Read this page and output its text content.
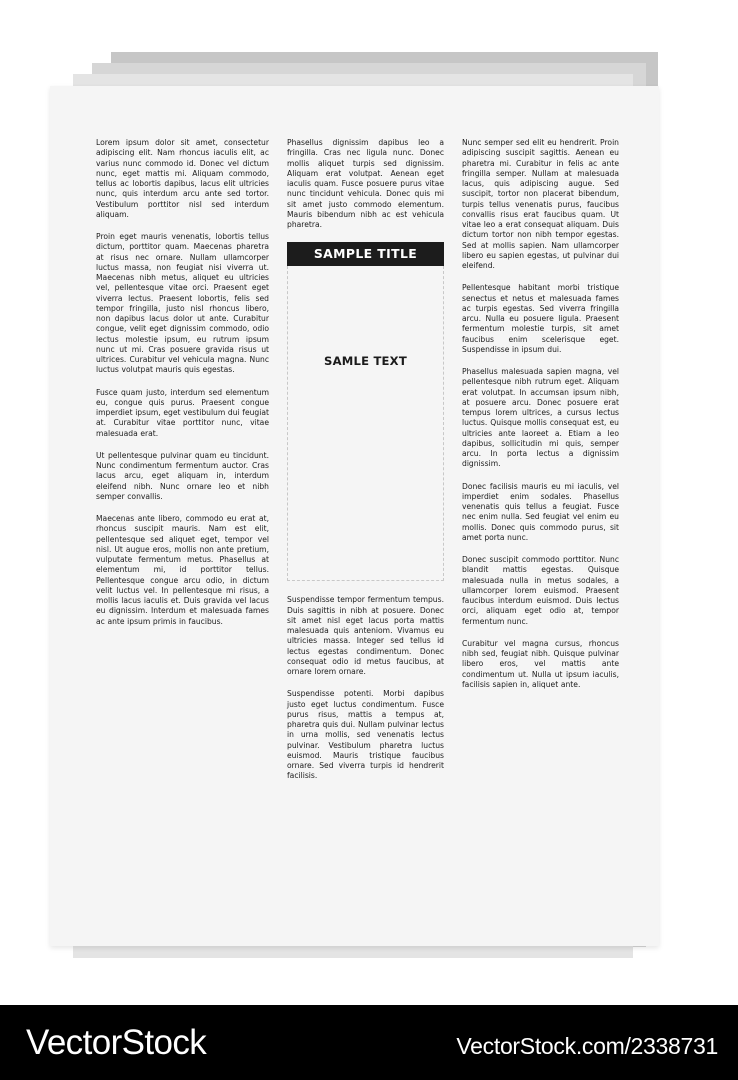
Lorem ipsum dolor sit amet, consectetur adipiscing elit. Nam rhoncus iaculis elit, ac varius nunc commodo id. Donec vel dictum nunc, eget mattis mi. Aliquam commodo, tellus ac lobortis dapibus, lacus elit ultricies nunc, quis interdum arcu ante sed tortor. Vestibulum porttitor nisl sed interdum aliquam.

Proin eget mauris venenatis, lobortis tellus dictum, porttitor quam. Maecenas pharetra at risus nec ornare. Nullam ullamcorper luctus massa, non feugiat nisi viverra ut. Maecenas nibh metus, aliquet eu ultricies vel, pellentesque vitae orci. Praesent eget viverra lectus. Praesent lobortis, felis sed tempor fringilla, justo nisl rhoncus libero, non dapibus lacus dolor ut ante. Curabitur congue, velit eget dignissim commodo, odio lectus molestie ipsum, eu rutrum ipsum nunc ut mi. Cras posuere gravida risus ut ultrices. Curabitur vel vehicula magna. Nunc luctus volutpat mauris quis egestas.

Fusce quam justo, interdum sed elementum eu, congue quis purus. Praesent congue imperdiet ipsum, eget vestibulum dui feugiat at. Curabitur vitae porttitor nunc, vitae malesuada erat.

Ut pellentesque pulvinar quam eu tincidunt. Nunc condimentum fermentum auctor. Cras lacus arcu, eget aliquam in, interdum eleifend nibh. Nunc ornare leo et nibh semper convallis.

Maecenas ante libero, commodo eu erat at, rhoncus suscipit mauris. Nam est elit, pellentesque sed aliquet eget, tempor vel nisl. Ut augue eros, mollis non ante pretium, vulputate fermentum metus. Phasellus at elementum mi, id porttitor tellus. Pellentesque congue arcu odio, in dictum velit luctus vel. In pellentesque mi risus, a mollis lacus iaculis et. Duis gravida vel lacus eu dignissim. Interdum et malesuada fames ac ante ipsum primis in faucibus.

Phasellus dignissim dapibus leo a fringilla. Cras nec ligula nunc. Donec mollis aliquet turpis sed dignissim. Aliquam erat volutpat. Aenean eget iaculis quam. Fusce posuere purus vitae nunc tincidunt vehicula. Donec quis mi sit amet justo commodo elementum. Mauris bibendum nibh ac est vehicula pharetra.

SAMPLE TITLE
SAMLE TEXT

Suspendisse tempor fermentum tempus. Duis sagittis in nibh at posuere. Donec sit amet nisl eget lacus porta mattis malesuada quis anteniom. Vivamus eu ultricies massa. Integer sed tellus id lectus egestas condimentum. Donec consequat odio id metus faucibus, at ornare lorem ornare.

Suspendisse potenti. Morbi dapibus justo eget luctus condimentum. Fusce purus risus, mattis a tempus at, pharetra quis dui. Nullam pulvinar lectus in urna mollis, sed venenatis lectus pulvinar. Vestibulum pharetra luctus euismod. Mauris tristique faucibus ornare. Sed viverra turpis id hendrerit facilisis.

Nunc semper sed elit eu hendrerit. Proin adipiscing suscipit sagittis. Aenean eu pharetra mi. Curabitur in felis ac ante fringilla semper. Nullam at malesuada lacus, quis adipiscing augue. Sed suscipit, tortor non placerat bibendum, turpis tellus venenatis purus, faucibus convallis risus erat faucibus quam. Ut vitae leo a erat consequat aliquam. Duis dictum tortor non nibh tempor egestas. Sed at mollis sapien. Nam ullamcorper libero eu sapien egestas, ut pulvinar dui eleifend.

Pellentesque habitant morbi tristique senectus et netus et malesuada fames ac turpis egestas. Sed viverra fringilla arcu. Nulla eu posuere ligula. Praesent fermentum molestie turpis, sit amet faucibus enim scelerisque eget. Suspendisse in ipsum dui.

Phasellus malesuada sapien magna, vel pellentesque nibh rutrum eget. Aliquam erat volutpat. In accumsan ipsum nibh, at posuere arcu. Donec posuere erat tempus lorem ultrices, a cursus lectus luctus. Quisque mollis consequat est, eu ultricies ante laoreet a. Etiam a leo dapibus, sollicitudin mi quis, semper arcu. In porta lectus a dignissim dignissim.

Donec facilisis mauris eu mi iaculis, vel imperdiet enim sodales. Phasellus venenatis quis tellus a feugiat. Fusce nec enim nulla. Sed feugiat vel enim eu mollis. Donec quis commodo purus, sit amet porta nunc.

Donec suscipit commodo porttitor. Nunc blandit mattis egestas. Quisque malesuada nulla in metus sodales, a ullamcorper lorem euismod. Praesent faucibus interdum euismod. Duis lectus orci, aliquam eget odio at, tempor fermentum nunc.

Curabitur vel magna cursus, rhoncus nibh sed, feugiat nibh. Quisque pulvinar libero eros, vel mattis ante condimentum ut. Nulla ut ipsum iaculis, facilisis sapien in, aliquet ante.

VectorStock	VectorStock.com/2338731
